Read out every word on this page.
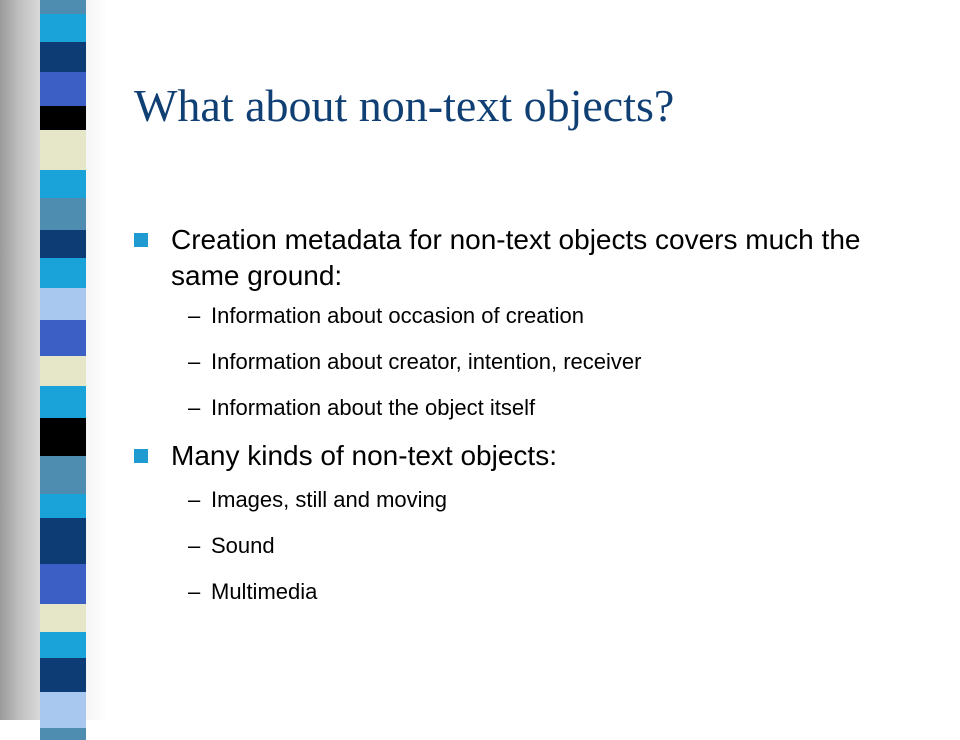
What about non-text objects?
Creation metadata for non-text objects covers much the same ground:
– Information about occasion of creation
– Information about creator, intention, receiver
– Information about the object itself
Many kinds of non-text objects:
– Images, still and moving
– Sound
– Multimedia
